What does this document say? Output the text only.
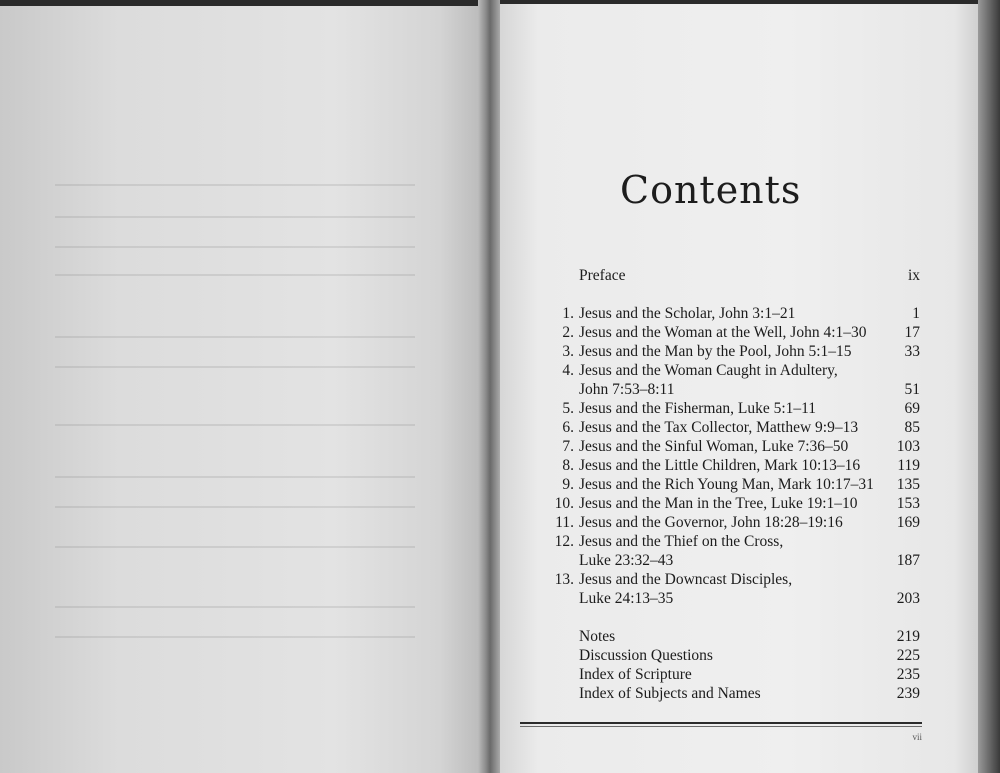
Contents
Preface	ix
1. Jesus and the Scholar, John 3:1–21	1
2. Jesus and the Woman at the Well, John 4:1–30	17
3. Jesus and the Man by the Pool, John 5:1–15	33
4. Jesus and the Woman Caught in Adultery,
John 7:53–8:11	51
5. Jesus and the Fisherman, Luke 5:1–11	69
6. Jesus and the Tax Collector, Matthew 9:9–13	85
7. Jesus and the Sinful Woman, Luke 7:36–50	103
8. Jesus and the Little Children, Mark 10:13–16	119
9. Jesus and the Rich Young Man, Mark 10:17–31	135
10. Jesus and the Man in the Tree, Luke 19:1–10	153
11. Jesus and the Governor, John 18:28–19:16	169
12. Jesus and the Thief on the Cross,
Luke 23:32–43	187
13. Jesus and the Downcast Disciples,
Luke 24:13–35	203
Notes	219
Discussion Questions	225
Index of Scripture	235
Index of Subjects and Names	239
vii
